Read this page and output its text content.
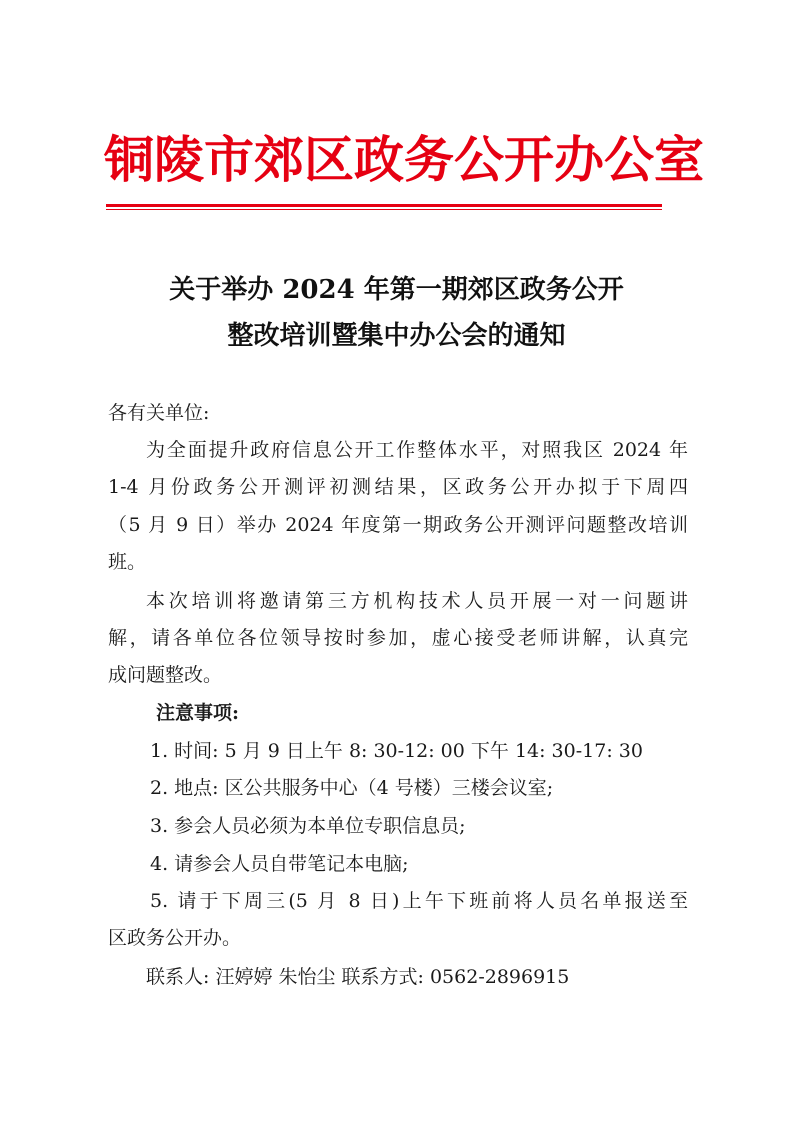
铜 陵 市 郊 区 政 务 公 开 办 公 室
关于举办 2024 年第一期郊区政务公开
整改培训暨集中办公会的通知
各有关单位:
为全面提升政府信息公开工作整体水平，对照我区 2024 年
1-4 月份政务公开测评初测结果，区政务公开办拟于下周四
（5 月 9 日）举办 2024 年度第一期政务公开测评问题整改培训
班。
本次培训将邀请第三方机构技术人员开展一对一问题讲
解，请各单位各位领导按时参加，虚心接受老师讲解，认真完
成问题整改。
注意事项:
1. 时间: 5 月 9 日上午 8: 30-12: 00 下午 14: 30-17: 30
2. 地点: 区公共服务中心（4 号楼）三楼会议室;
3. 参会人员必须为本单位专职信息员;
4. 请参会人员自带笔记本电脑;
5. 请于下周三(5 月 8 日)上午下班前将人员名单报送至
区政务公开办。
联系人: 汪婷婷 朱怡尘 联系方式: 0562-2896915
